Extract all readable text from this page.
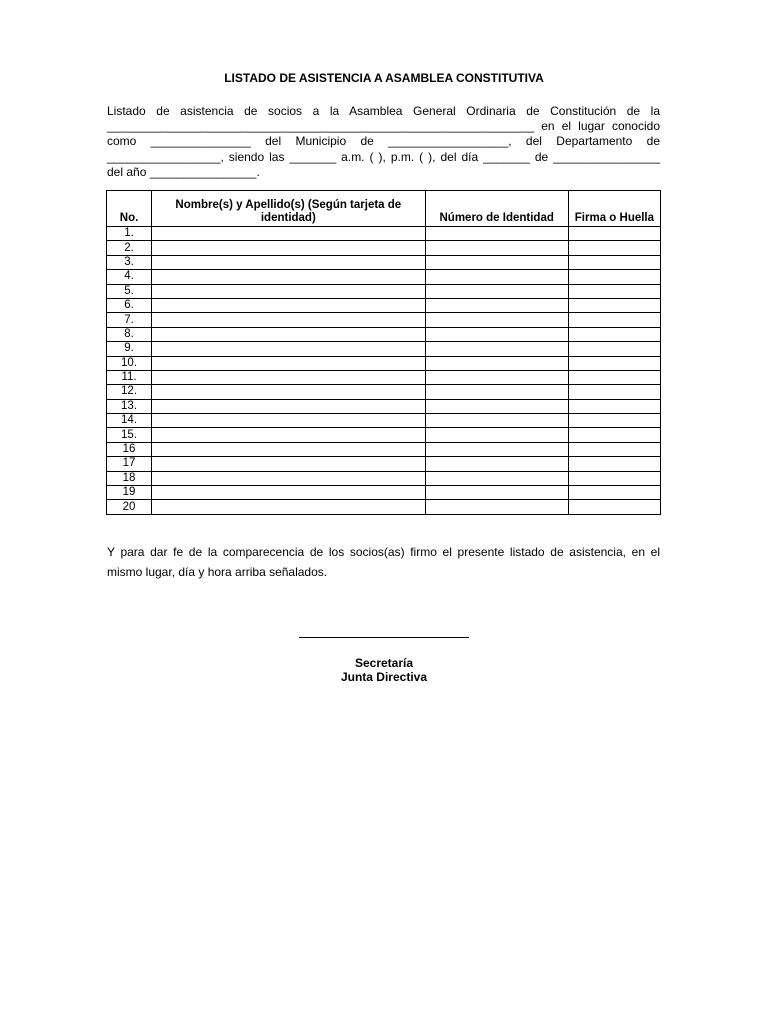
LISTADO DE ASISTENCIA A ASAMBLEA CONSTITUTIVA
Listado de asistencia de socios a la Asamblea General Ordinaria de Constitución de la
________________________________________________________________ en el lugar conocido
como _______________ del Municipio de __________________, del Departamento de
_________________, siendo las _______ a.m. ( ), p.m. ( ), del día _______ de ________________
del año ________________.
No.	Nombre(s) y Apellido(s) (Según tarjeta de identidad)	Número de Identidad	Firma o Huella
1.			
2.			
3.			
4.			
5.			
6.			
7.			
8.			
9.			
10.			
11.			
12.			
13.			
14.			
15.			
16			
17			
18			
19			
20			
Y para dar fe de la comparecencia de los socios(as) firmo el presente listado de asistencia, en el
mismo lugar, día y hora arriba señalados.
Secretaría
Junta Directiva
